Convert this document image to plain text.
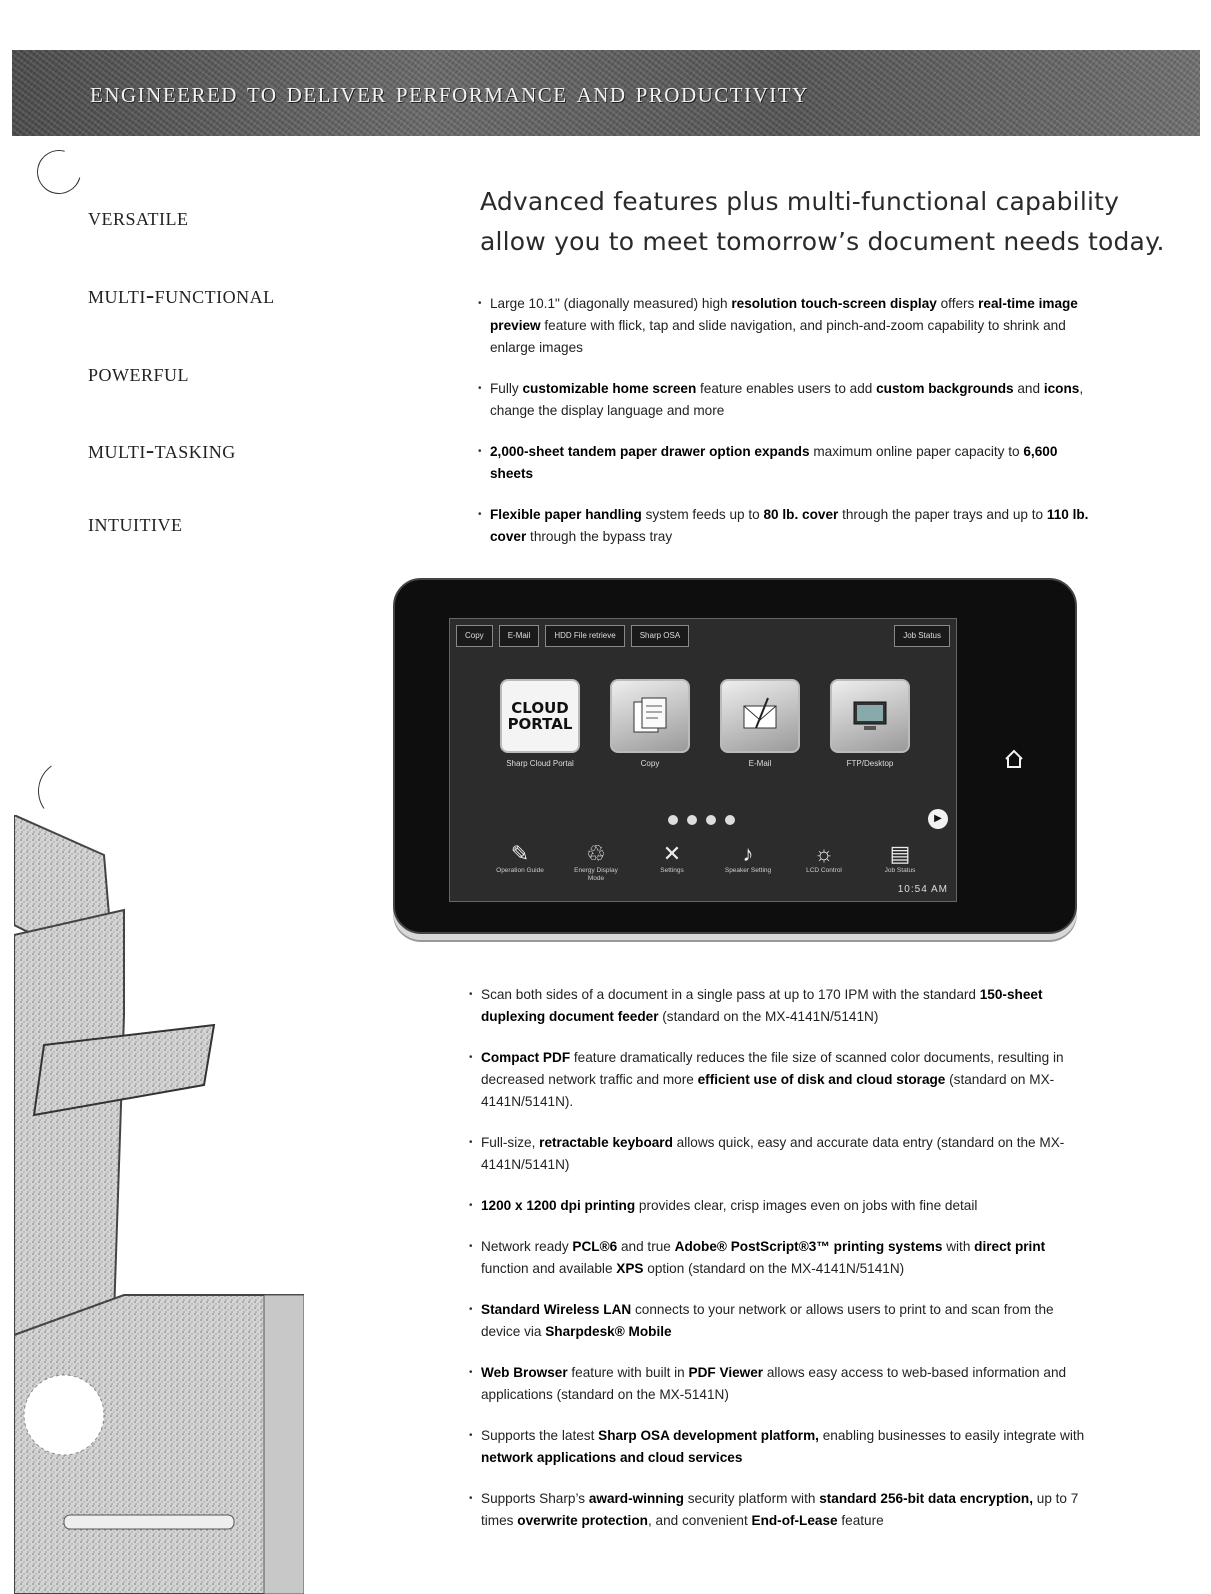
engineered to deliver performance and productivity
versatile
multi-functional
powerful
multi-tasking
intuitive
Advanced features plus multi-functional capability allow you to meet tomorrow’s document needs today.
• Large 10.1" (diagonally measured) high resolution touch-screen display offers real-time image preview feature with flick, tap and slide navigation, and pinch-and-zoom capability to shrink and enlarge images
• Fully customizable home screen feature enables users to add custom backgrounds and icons, change the display language and more
• 2,000-sheet tandem paper drawer option expands maximum online paper capacity to 6,600 sheets
• Flexible paper handling system feeds up to 80 lb. cover through the paper trays and up to 110 lb. cover through the bypass tray
Copy	E-Mail	HDD File retrieve	Sharp OSA	Job Status
CLOUD
PORTAL
Sharp Cloud Portal	Copy	E-Mail	FTP/Desktop
▶
✎
Operation Guide
♲
Energy Display Mode
✕
Settings
♪
Speaker Setting
☼
LCD Control
▤
Job Status
10:54 AM
• Scan both sides of a document in a single pass at up to 170 IPM with the standard 150-sheet duplexing document feeder (standard on the MX-4141N/5141N)
• Compact PDF feature dramatically reduces the file size of scanned color documents, resulting in decreased network traffic and more efficient use of disk and cloud storage (standard on MX-4141N/5141N).
• Full-size, retractable keyboard allows quick, easy and accurate data entry (standard on the MX-4141N/5141N)
• 1200 x 1200 dpi printing provides clear, crisp images even on jobs with fine detail
• Network ready PCL®6 and true Adobe® PostScript®3™ printing systems with direct print function and available XPS option (standard on the MX-4141N/5141N)
• Standard Wireless LAN connects to your network or allows users to print to and scan from the device via Sharpdesk® Mobile
• Web Browser feature with built in PDF Viewer allows easy access to web-based information and applications (standard on the MX-5141N)
• Supports the latest Sharp OSA development platform, enabling businesses to easily integrate with network applications and cloud services
• Supports Sharp’s award-winning security platform with standard 256-bit data encryption, up to 7 times overwrite protection, and convenient End-of-Lease feature
